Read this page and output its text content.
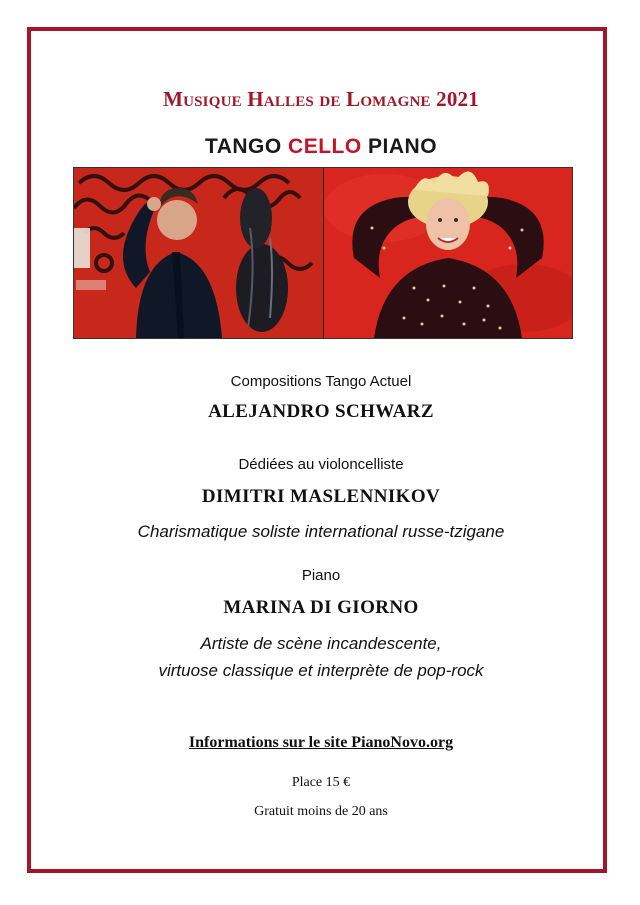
Musique Halles de Lomagne 2021
TANGO CELLO PIANO
Compositions Tango Actuel
ALEJANDRO SCHWARZ
Dédiées au violoncelliste
DIMITRI MASLENNIKOV
Charismatique soliste international russe-tzigane
Piano
MARINA DI GIORNO
Artiste de scène incandescente,
virtuose classique et interprète de pop-rock
Informations sur le site PianoNovo.org
Place 15 €
Gratuit moins de 20 ans
